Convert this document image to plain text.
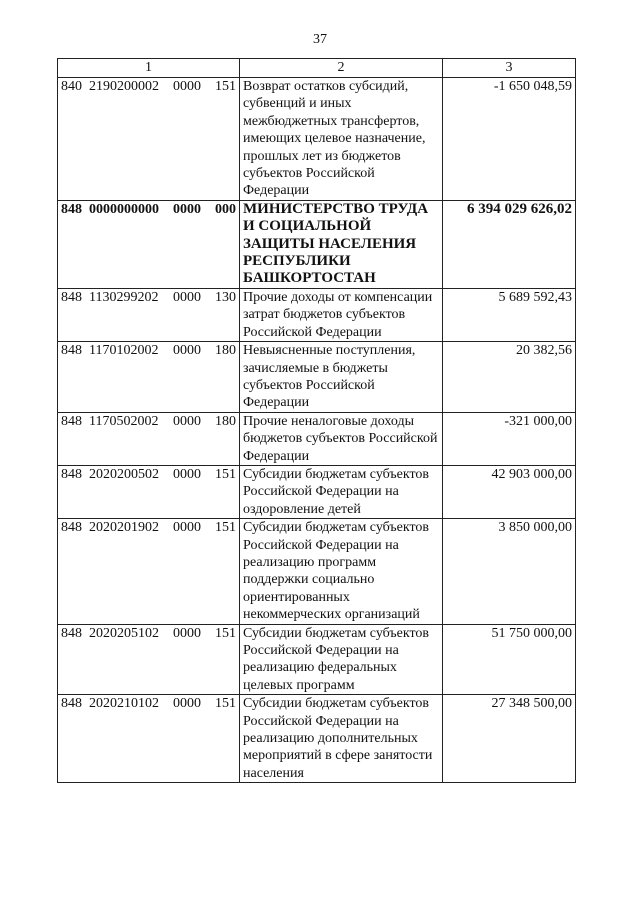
37
1	2	3
840 2190200002 0000 151	Возврат остатков субсидий, субвенций и иных межбюджетных трансфертов, имеющих целевое назначение, прошлых лет из бюджетов субъектов Российской Федерации	-1 650 048,59
848 0000000000 0000 000	МИНИСТЕРСТВО ТРУДА И СОЦИАЛЬНОЙ ЗАЩИТЫ НАСЕЛЕНИЯ РЕСПУБЛИКИ БАШКОРТОСТАН	6 394 029 626,02
848 1130299202 0000 130	Прочие доходы от компенсации затрат бюджетов субъектов Российской Федерации	5 689 592,43
848 1170102002 0000 180	Невыясненные поступления, зачисляемые в бюджеты субъектов Российской Федерации	20 382,56
848 1170502002 0000 180	Прочие неналоговые доходы бюджетов субъектов Российской Федерации	-321 000,00
848 2020200502 0000 151	Субсидии бюджетам субъектов Российской Федерации на оздоровление детей	42 903 000,00
848 2020201902 0000 151	Субсидии бюджетам субъектов Российской Федерации на реализацию программ поддержки социально ориентированных некоммерческих организаций	3 850 000,00
848 2020205102 0000 151	Субсидии бюджетам субъектов Российской Федерации на реализацию федеральных целевых программ	51 750 000,00
848 2020210102 0000 151	Субсидии бюджетам субъектов Российской Федерации на реализацию дополнительных мероприятий в сфере занятости населения	27 348 500,00
